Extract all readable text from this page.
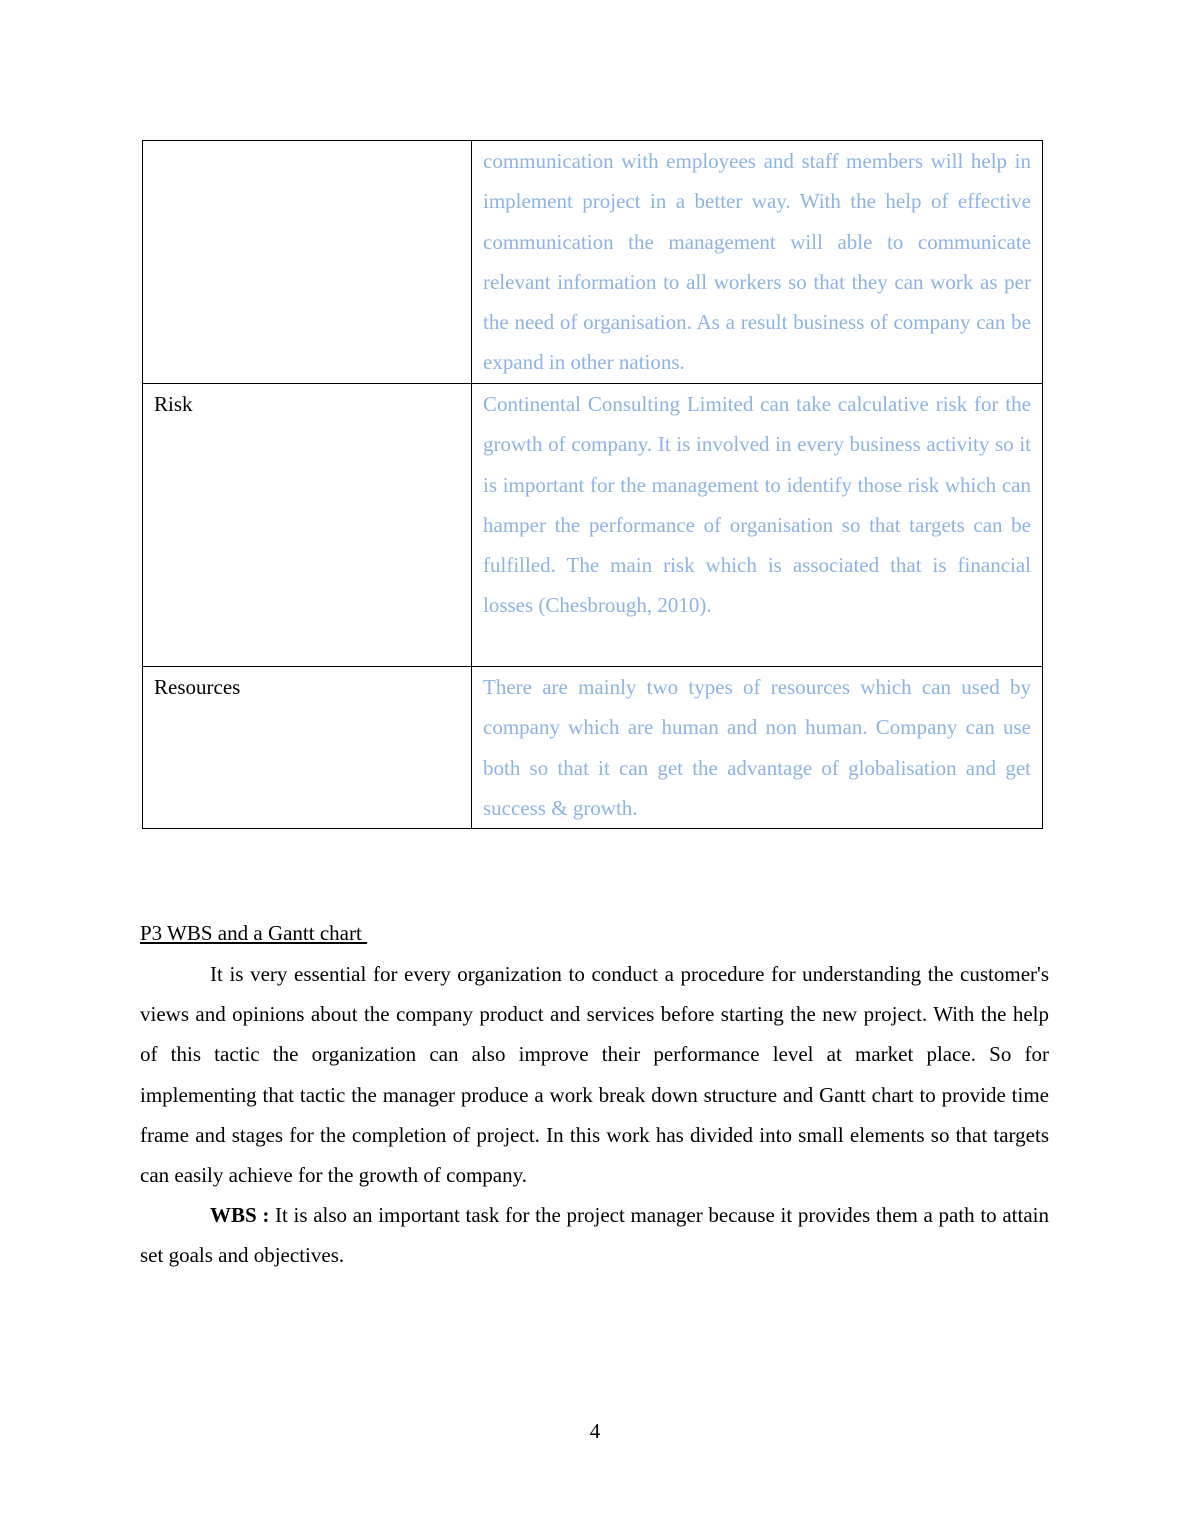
	communication with employees and staff members will help in implement project in a better way. With the help of effective communication the management will able to communicate relevant information to all workers so that they can work as per the need of organisation. As a result business of company can be expand in other nations.
Risk	Continental Consulting Limited can take calculative risk for the growth of company. It is involved in every business activity so it is important for the management to identify those risk which can hamper the performance of organisation so that targets can be fulfilled. The main risk which is associated that is financial losses (Chesbrough, 2010).
Resources	There are mainly two types of resources which can used by company which are human and non human. Company can use both so that it can get the advantage of globalisation and get success & growth.
P3 WBS and a Gantt chart

It is very essential for every organization to conduct a procedure for understanding the customer's views and opinions about the company product and services before starting the new project. With the help of this tactic the organization can also improve their performance level at market place. So for implementing that tactic the manager produce a work break down structure and Gantt chart to provide time frame and stages for the completion of project. In this work has divided into small elements so that targets can easily achieve for the growth of company.

WBS : It is also an important task for the project manager because it provides them a path to attain set goals and objectives.

4
